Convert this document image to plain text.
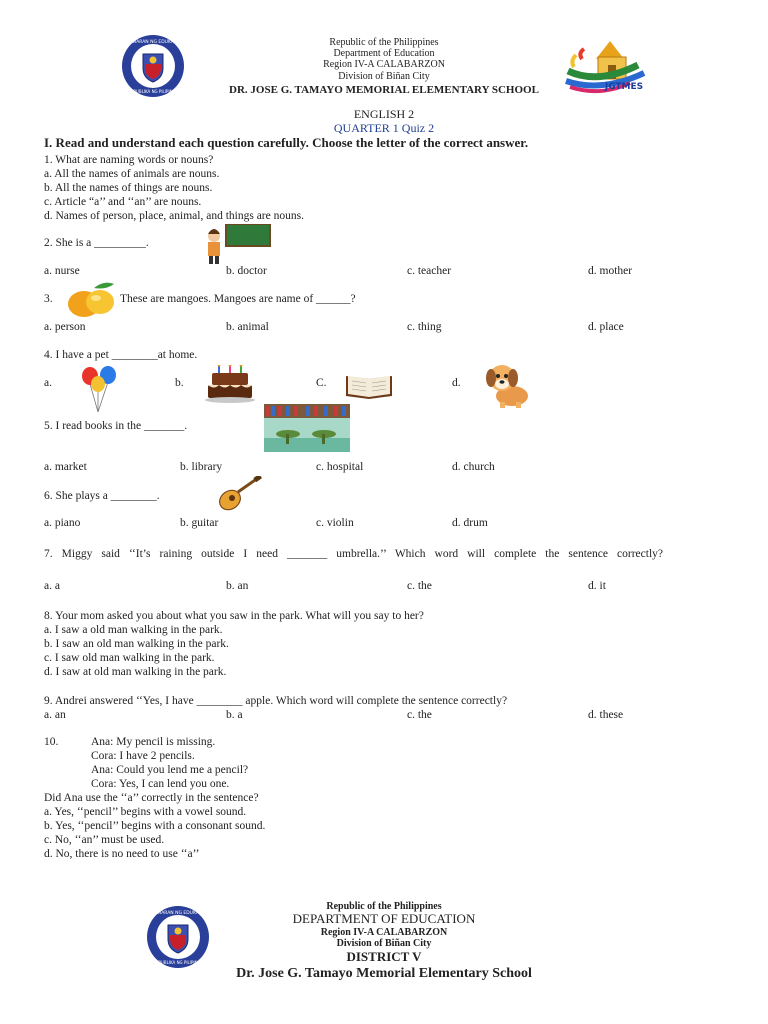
KAGAWARAN NG EDUKASYON
REPUBLIKA NG PILIPINAS	JGTMES
Republic of the Philippines
Department of Education
Region IV-A CALABARZON
Division of Biñan City
DR. JOSE G. TAMAYO MEMORIAL ELEMENTARY SCHOOL
ENGLISH 2
QUARTER 1 Quiz 2
I. Read and understand each question carefully. Choose the letter of the correct answer.
1. What are naming words or nouns?
a. All the names of animals are nouns.
b. All the names of things are nouns.
c. Article “a’’ and ‘‘an’’ are nouns.
d. Names of person, place, animal, and things are nouns.
2. She is a _________.
a. nurse	b. doctor	c. teacher	d. mother
3.	These are mangoes. Mangoes are name of ______?
a. person	b. animal	c. thing	d. place
4. I have a pet ________at home.
a.	b.	C.	d.
5. I read books in the _______.
a. market	b. library	c. hospital	d. church
6. She plays a ________.
a. piano	b. guitar	c. violin	d. drum
7. Miggy said ‘‘It’s raining outside I need _______ umbrella.’’ Which word will complete the sentence correctly?
a. a	b. an	c. the	d. it
8. Your mom asked you about what you saw in the park. What will you say to her?
a. I saw a old man walking in the park.
b. I saw an old man walking in the park.
c. I saw old man walking in the park.
d. I saw at old man walking in the park.
9. Andrei answered ‘‘Yes, I have ________ apple. Which word will complete the sentence correctly?
a. an	b. a	c. the	d. these
10.	Ana: My pencil is missing.
Cora: I have 2 pencils.
Ana: Could you lend me a pencil?
Cora: Yes, I can lend you one.
Did Ana use the ‘‘a’’ correctly in the sentence?
a. Yes, ‘‘pencil’’ begins with a vowel sound.
b. Yes, ‘‘pencil’’ begins with a consonant sound.
c. No, ‘‘an’’ must be used.
d. No, there is no need to use ‘‘a’’
KAGAWARAN NG EDUKASYON
REPUBLIKA NG PILIPINAS
Republic of the Philippines
DEPARTMENT OF EDUCATION
Region IV-A CALABARZON
Division of Biñan City
DISTRICT V
Dr. Jose G. Tamayo Memorial Elementary School
